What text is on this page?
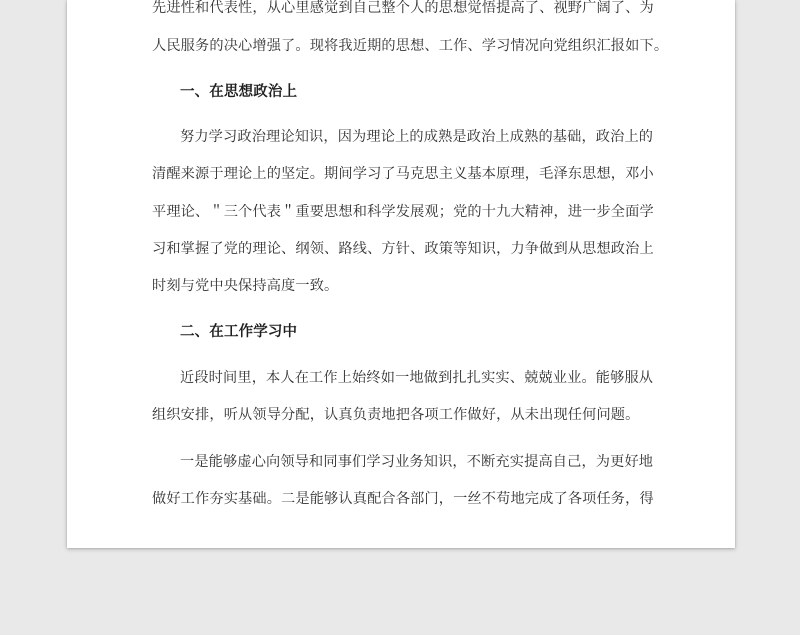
先进性和代表性，从心里感觉到自己整个人的思想觉悟提高了、视野广阔了、为
人民服务的决心增强了。现将我近期的思想、工作、学习情况向党组织汇报如下。
一、在思想政治上
努力学习政治理论知识，因为理论上的成熟是政治上成熟的基础，政治上的
清醒来源于理论上的坚定。期间学习了马克思主义基本原理，毛泽东思想，邓小
平理论、＂三个代表＂重要思想和科学发展观；党的十九大精神，进一步全面学
习和掌握了党的理论、纲领、路线、方针、政策等知识，力争做到从思想政治上
时刻与党中央保持高度一致。
二、在工作学习中
近段时间里，本人在工作上始终如一地做到扎扎实实、兢兢业业。能够服从
组织安排，听从领导分配，认真负责地把各项工作做好，从未出现任何问题。
一是能够虚心向领导和同事们学习业务知识，不断充实提高自己，为更好地
做好工作夯实基础。二是能够认真配合各部门，一丝不苟地完成了各项任务，得
